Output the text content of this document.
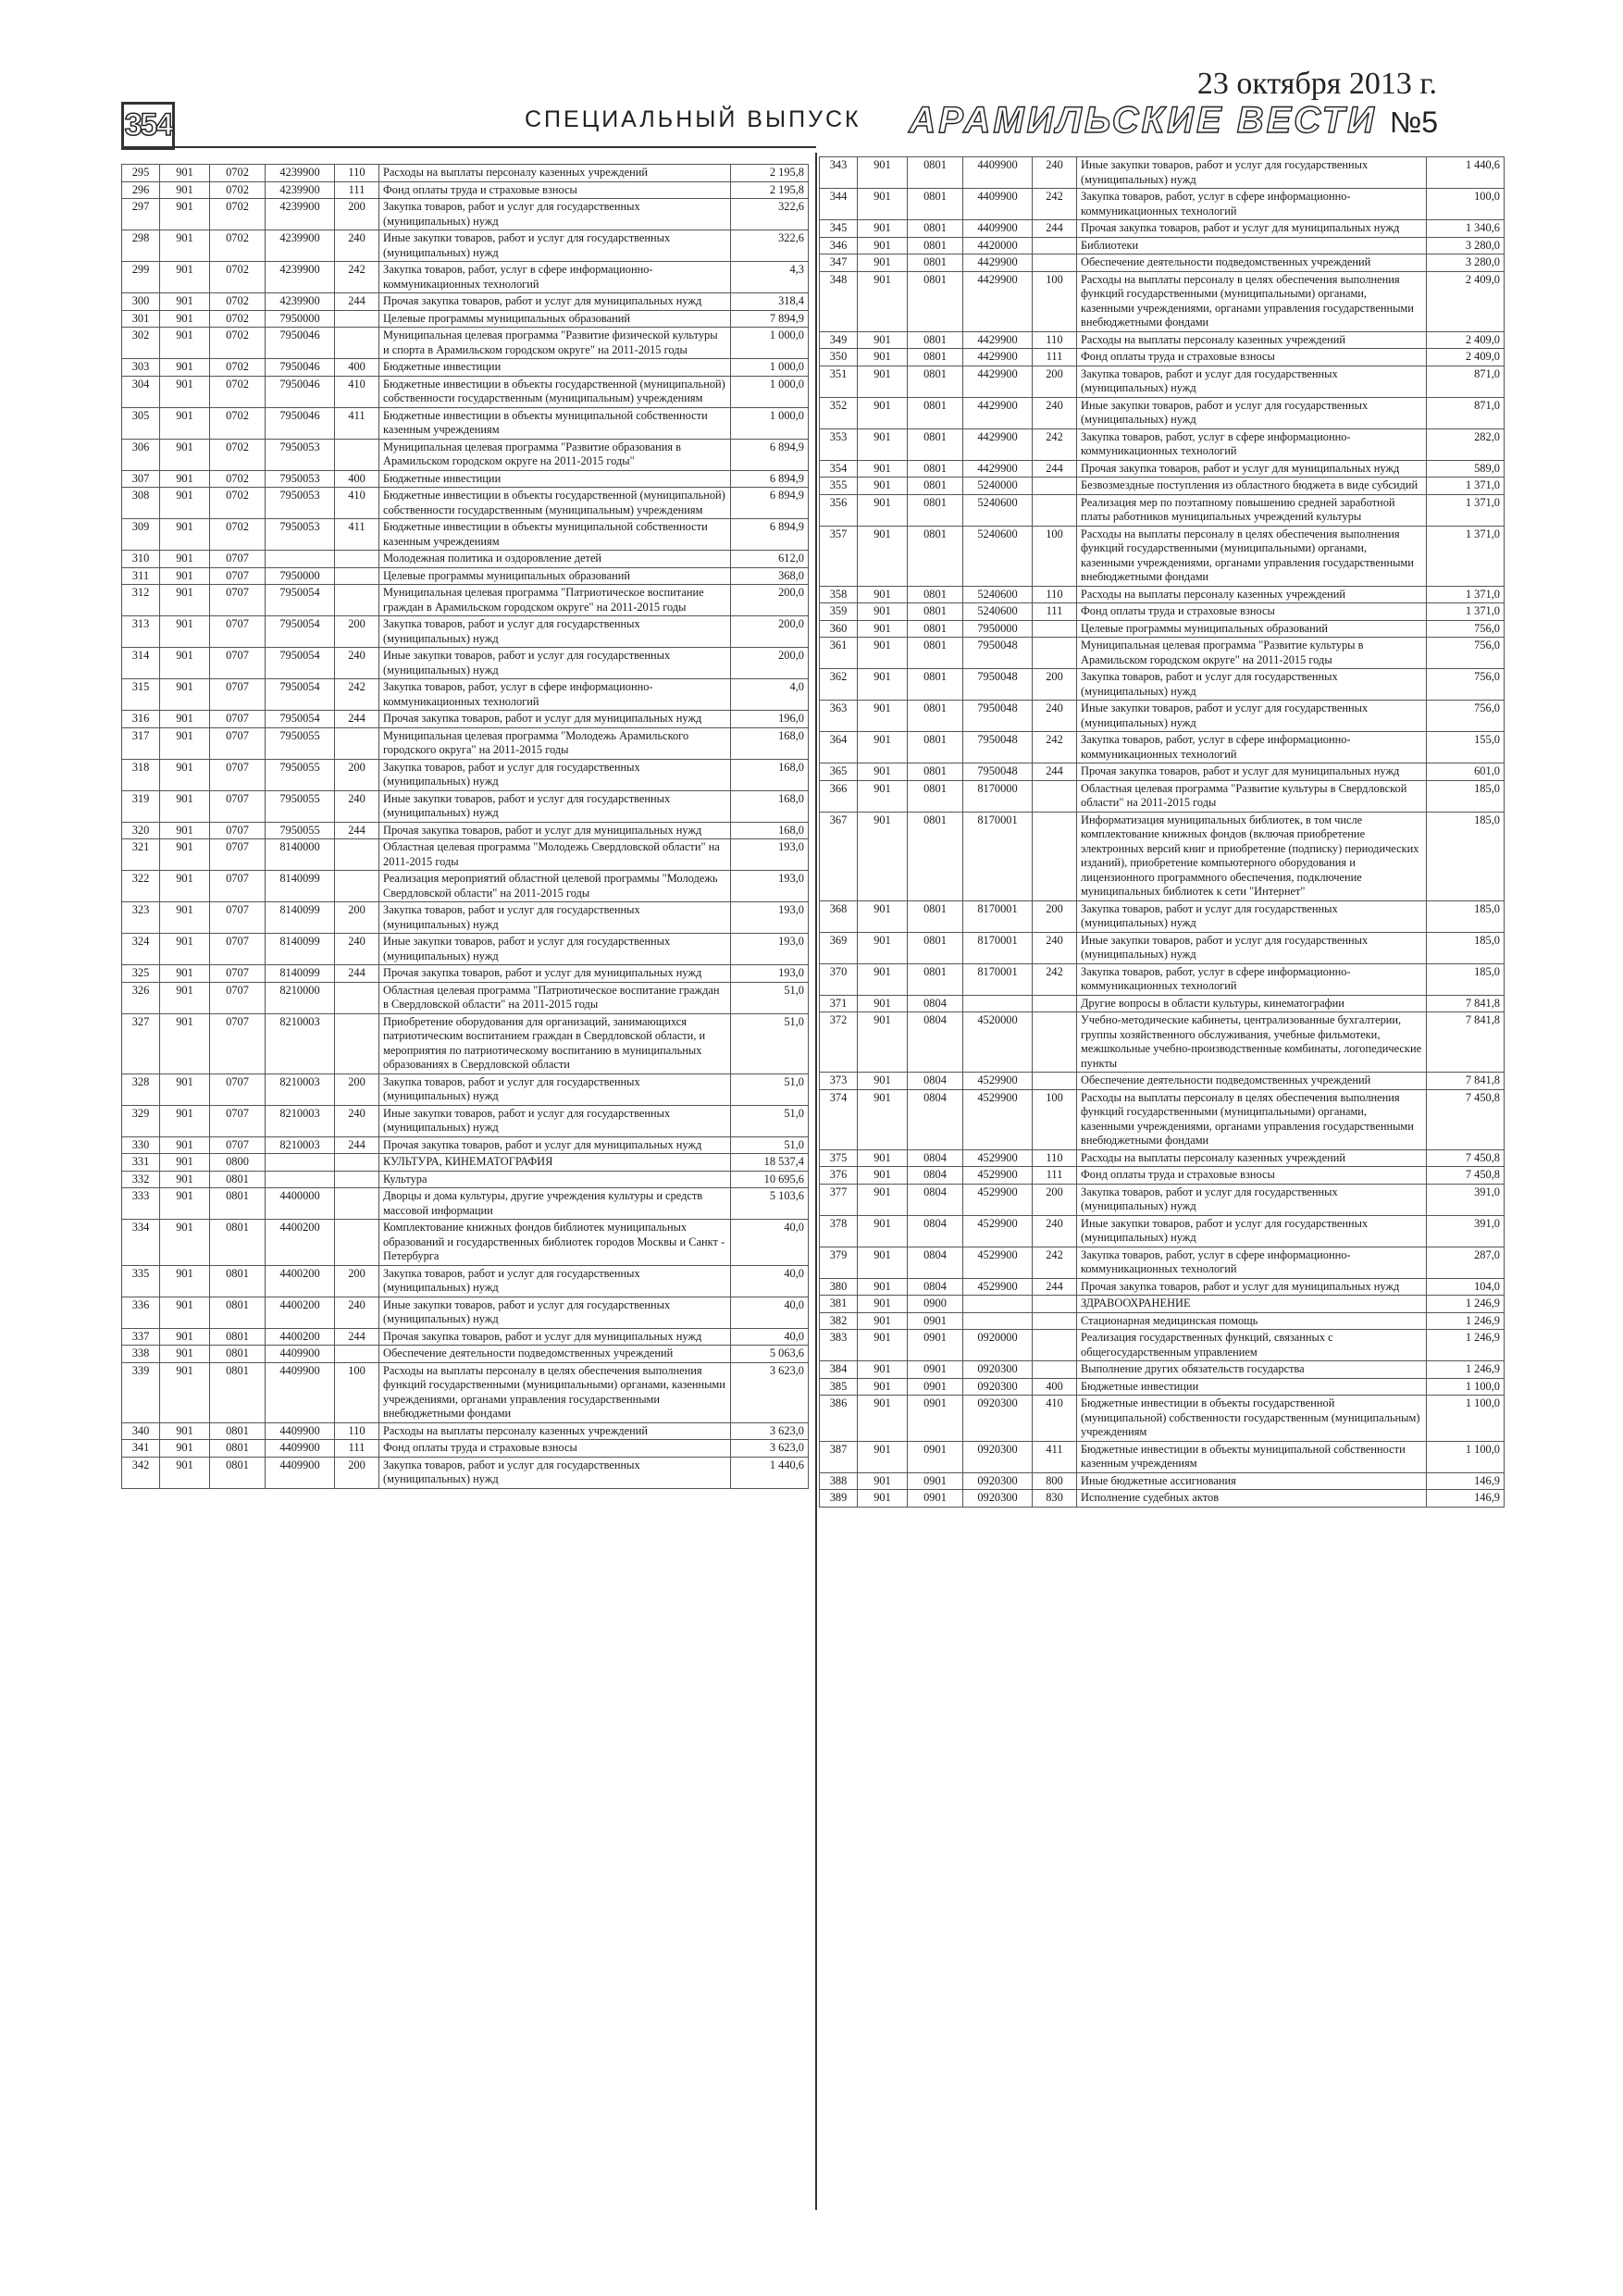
354	СПЕЦИАЛЬНЫЙ ВЫПУСК
23 октября 2013 г.
АРАМИЛЬСКИЕ ВЕСТИ №5
295	901	0702	4239900	110	Расходы на выплаты персоналу казенных учреждений	2 195,8
296	901	0702	4239900	111	Фонд оплаты труда и страховые взносы	2 195,8
297	901	0702	4239900	200	Закупка товаров, работ и услуг для государственных (муниципальных) нужд	322,6
298	901	0702	4239900	240	Иные закупки товаров, работ и услуг для государственных (муниципальных) нужд	322,6
299	901	0702	4239900	242	Закупка товаров, работ, услуг в сфере информационно-коммуникационных технологий	4,3
300	901	0702	4239900	244	Прочая закупка товаров, работ и услуг для муниципальных нужд	318,4
301	901	0702	7950000		Целевые программы муниципальных образований	7 894,9
302	901	0702	7950046		Муниципальная целевая программа "Развитие физической культуры и спорта в Арамильском городском округе" на 2011-2015 годы	1 000,0
303	901	0702	7950046	400	Бюджетные инвестиции	1 000,0
304	901	0702	7950046	410	Бюджетные инвестиции в объекты государственной (муниципальной) собственности государственным (муниципальным) учреждениям	1 000,0
305	901	0702	7950046	411	Бюджетные инвестиции в объекты муниципальной собственности казенным учреждениям	1 000,0
306	901	0702	7950053		Муниципальная целевая программа "Развитие образования в Арамильском городском округе на 2011-2015 годы"	6 894,9
307	901	0702	7950053	400	Бюджетные инвестиции	6 894,9
308	901	0702	7950053	410	Бюджетные инвестиции в объекты государственной (муниципальной) собственности государственным (муниципальным) учреждениям	6 894,9
309	901	0702	7950053	411	Бюджетные инвестиции в объекты муниципальной собственности казенным учреждениям	6 894,9
310	901	0707			Молодежная политика и оздоровление детей	612,0
311	901	0707	7950000		Целевые программы муниципальных образований	368,0
312	901	0707	7950054		Муниципальная целевая программа "Патриотическое воспитание граждан в Арамильском городском округе" на 2011-2015 годы	200,0
313	901	0707	7950054	200	Закупка товаров, работ и услуг для государственных (муниципальных) нужд	200,0
314	901	0707	7950054	240	Иные закупки товаров, работ и услуг для государственных (муниципальных) нужд	200,0
315	901	0707	7950054	242	Закупка товаров, работ, услуг в сфере информационно-коммуникационных технологий	4,0
316	901	0707	7950054	244	Прочая закупка товаров, работ и услуг для муниципальных нужд	196,0
317	901	0707	7950055		Муниципальная целевая программа "Молодежь Арамильского городского округа" на 2011-2015 годы	168,0
318	901	0707	7950055	200	Закупка товаров, работ и услуг для государственных (муниципальных) нужд	168,0
319	901	0707	7950055	240	Иные закупки товаров, работ и услуг для государственных (муниципальных) нужд	168,0
320	901	0707	7950055	244	Прочая закупка товаров, работ и услуг для муниципальных нужд	168,0
321	901	0707	8140000		Областная целевая программа "Молодежь Свердловской области" на 2011-2015 годы	193,0
322	901	0707	8140099		Реализация мероприятий областной целевой программы "Молодежь Свердловской области" на 2011-2015 годы	193,0
323	901	0707	8140099	200	Закупка товаров, работ и услуг для государственных (муниципальных) нужд	193,0
324	901	0707	8140099	240	Иные закупки товаров, работ и услуг для государственных (муниципальных) нужд	193,0
325	901	0707	8140099	244	Прочая закупка товаров, работ и услуг для муниципальных нужд	193,0
326	901	0707	8210000		Областная целевая программа "Патриотическое воспитание граждан в Свердловской области" на 2011-2015 годы	51,0
327	901	0707	8210003		Приобретение оборудования для организаций, занимающихся патриотическим воспитанием граждан в Свердловской области, и мероприятия по патриотическому воспитанию в муниципальных образованиях в Свердловской области	51,0
328	901	0707	8210003	200	Закупка товаров, работ и услуг для государственных (муниципальных) нужд	51,0
329	901	0707	8210003	240	Иные закупки товаров, работ и услуг для государственных (муниципальных) нужд	51,0
330	901	0707	8210003	244	Прочая закупка товаров, работ и услуг для муниципальных нужд	51,0
331	901	0800			КУЛЬТУРА, КИНЕМАТОГРАФИЯ	18 537,4
332	901	0801			Культура	10 695,6
333	901	0801	4400000		Дворцы и дома культуры, другие учреждения культуры и средств массовой информации	5 103,6
334	901	0801	4400200		Комплектование книжных фондов библиотек муниципальных образований и государственных библиотек городов Москвы и Санкт - Петербурга	40,0
335	901	0801	4400200	200	Закупка товаров, работ и услуг для государственных (муниципальных) нужд	40,0
336	901	0801	4400200	240	Иные закупки товаров, работ и услуг для государственных (муниципальных) нужд	40,0
337	901	0801	4400200	244	Прочая закупка товаров, работ и услуг для муниципальных нужд	40,0
338	901	0801	4409900		Обеспечение деятельности подведомственных учреждений	5 063,6
339	901	0801	4409900	100	Расходы на выплаты персоналу в целях обеспечения выполнения функций государственными (муниципальными) органами, казенными учреждениями, органами управления государственными внебюджетными фондами	3 623,0
340	901	0801	4409900	110	Расходы на выплаты персоналу казенных учреждений	3 623,0
341	901	0801	4409900	111	Фонд оплаты труда и страховые взносы	3 623,0
342	901	0801	4409900	200	Закупка товаров, работ и услуг для государственных (муниципальных) нужд	1 440,6
343	901	0801	4409900	240	Иные закупки товаров, работ и услуг для государственных (муниципальных) нужд	1 440,6
344	901	0801	4409900	242	Закупка товаров, работ, услуг в сфере информационно-коммуникационных технологий	100,0
345	901	0801	4409900	244	Прочая закупка товаров, работ и услуг для муниципальных нужд	1 340,6
346	901	0801	4420000		Библиотеки	3 280,0
347	901	0801	4429900		Обеспечение деятельности подведомственных учреждений	3 280,0
348	901	0801	4429900	100	Расходы на выплаты персоналу в целях обеспечения выполнения функций государственными (муниципальными) органами, казенными учреждениями, органами управления государственными внебюджетными фондами	2 409,0
349	901	0801	4429900	110	Расходы на выплаты персоналу казенных учреждений	2 409,0
350	901	0801	4429900	111	Фонд оплаты труда и страховые взносы	2 409,0
351	901	0801	4429900	200	Закупка товаров, работ и услуг для государственных (муниципальных) нужд	871,0
352	901	0801	4429900	240	Иные закупки товаров, работ и услуг для государственных (муниципальных) нужд	871,0
353	901	0801	4429900	242	Закупка товаров, работ, услуг в сфере информационно-коммуникационных технологий	282,0
354	901	0801	4429900	244	Прочая закупка товаров, работ и услуг для муниципальных нужд	589,0
355	901	0801	5240000		Безвозмездные поступления из областного бюджета в виде субсидий	1 371,0
356	901	0801	5240600		Реализация мер по поэтапному повышению средней заработной платы работников муниципальных учреждений культуры	1 371,0
357	901	0801	5240600	100	Расходы на выплаты персоналу в целях обеспечения выполнения функций государственными (муниципальными) органами, казенными учреждениями, органами управления государственными внебюджетными фондами	1 371,0
358	901	0801	5240600	110	Расходы на выплаты персоналу казенных учреждений	1 371,0
359	901	0801	5240600	111	Фонд оплаты труда и страховые взносы	1 371,0
360	901	0801	7950000		Целевые программы муниципальных образований	756,0
361	901	0801	7950048		Муниципальная целевая программа "Развитие культуры в Арамильском городском округе" на 2011-2015 годы	756,0
362	901	0801	7950048	200	Закупка товаров, работ и услуг для государственных (муниципальных) нужд	756,0
363	901	0801	7950048	240	Иные закупки товаров, работ и услуг для государственных (муниципальных) нужд	756,0
364	901	0801	7950048	242	Закупка товаров, работ, услуг в сфере информационно-коммуникационных технологий	155,0
365	901	0801	7950048	244	Прочая закупка товаров, работ и услуг для муниципальных нужд	601,0
366	901	0801	8170000		Областная целевая программа "Развитие культуры в Свердловской области" на 2011-2015 годы	185,0
367	901	0801	8170001		Информатизация муниципальных библиотек, в том числе комплектование книжных фондов (включая приобретение электронных версий книг и приобретение (подписку) периодических изданий), приобретение компьютерного оборудования и лицензионного программного обеспечения, подключение муниципальных библиотек к сети "Интернет"	185,0
368	901	0801	8170001	200	Закупка товаров, работ и услуг для государственных (муниципальных) нужд	185,0
369	901	0801	8170001	240	Иные закупки товаров, работ и услуг для государственных (муниципальных) нужд	185,0
370	901	0801	8170001	242	Закупка товаров, работ, услуг в сфере информационно-коммуникационных технологий	185,0
371	901	0804			Другие вопросы в области культуры, кинематографии	7 841,8
372	901	0804	4520000		Учебно-методические кабинеты, централизованные бухгалтерии, группы хозяйственного обслуживания, учебные фильмотеки, межшкольные учебно-производственные комбинаты, логопедические пункты	7 841,8
373	901	0804	4529900		Обеспечение деятельности подведомственных учреждений	7 841,8
374	901	0804	4529900	100	Расходы на выплаты персоналу в целях обеспечения выполнения функций государственными (муниципальными) органами, казенными учреждениями, органами управления государственными внебюджетными фондами	7 450,8
375	901	0804	4529900	110	Расходы на выплаты персоналу казенных учреждений	7 450,8
376	901	0804	4529900	111	Фонд оплаты труда и страховые взносы	7 450,8
377	901	0804	4529900	200	Закупка товаров, работ и услуг для государственных (муниципальных) нужд	391,0
378	901	0804	4529900	240	Иные закупки товаров, работ и услуг для государственных (муниципальных) нужд	391,0
379	901	0804	4529900	242	Закупка товаров, работ, услуг в сфере информационно-коммуникационных технологий	287,0
380	901	0804	4529900	244	Прочая закупка товаров, работ и услуг для муниципальных нужд	104,0
381	901	0900			ЗДРАВООХРАНЕНИЕ	1 246,9
382	901	0901			Стационарная медицинская помощь	1 246,9
383	901	0901	0920000		Реализация государственных функций, связанных с общегосударственным управлением	1 246,9
384	901	0901	0920300		Выполнение других обязательств государства	1 246,9
385	901	0901	0920300	400	Бюджетные инвестиции	1 100,0
386	901	0901	0920300	410	Бюджетные инвестиции в объекты государственной (муниципальной) собственности государственным (муниципальным) учреждениям	1 100,0
387	901	0901	0920300	411	Бюджетные инвестиции в объекты муниципальной собственности казенным учреждениям	1 100,0
388	901	0901	0920300	800	Иные бюджетные ассигнования	146,9
389	901	0901	0920300	830	Исполнение судебных актов	146,9
